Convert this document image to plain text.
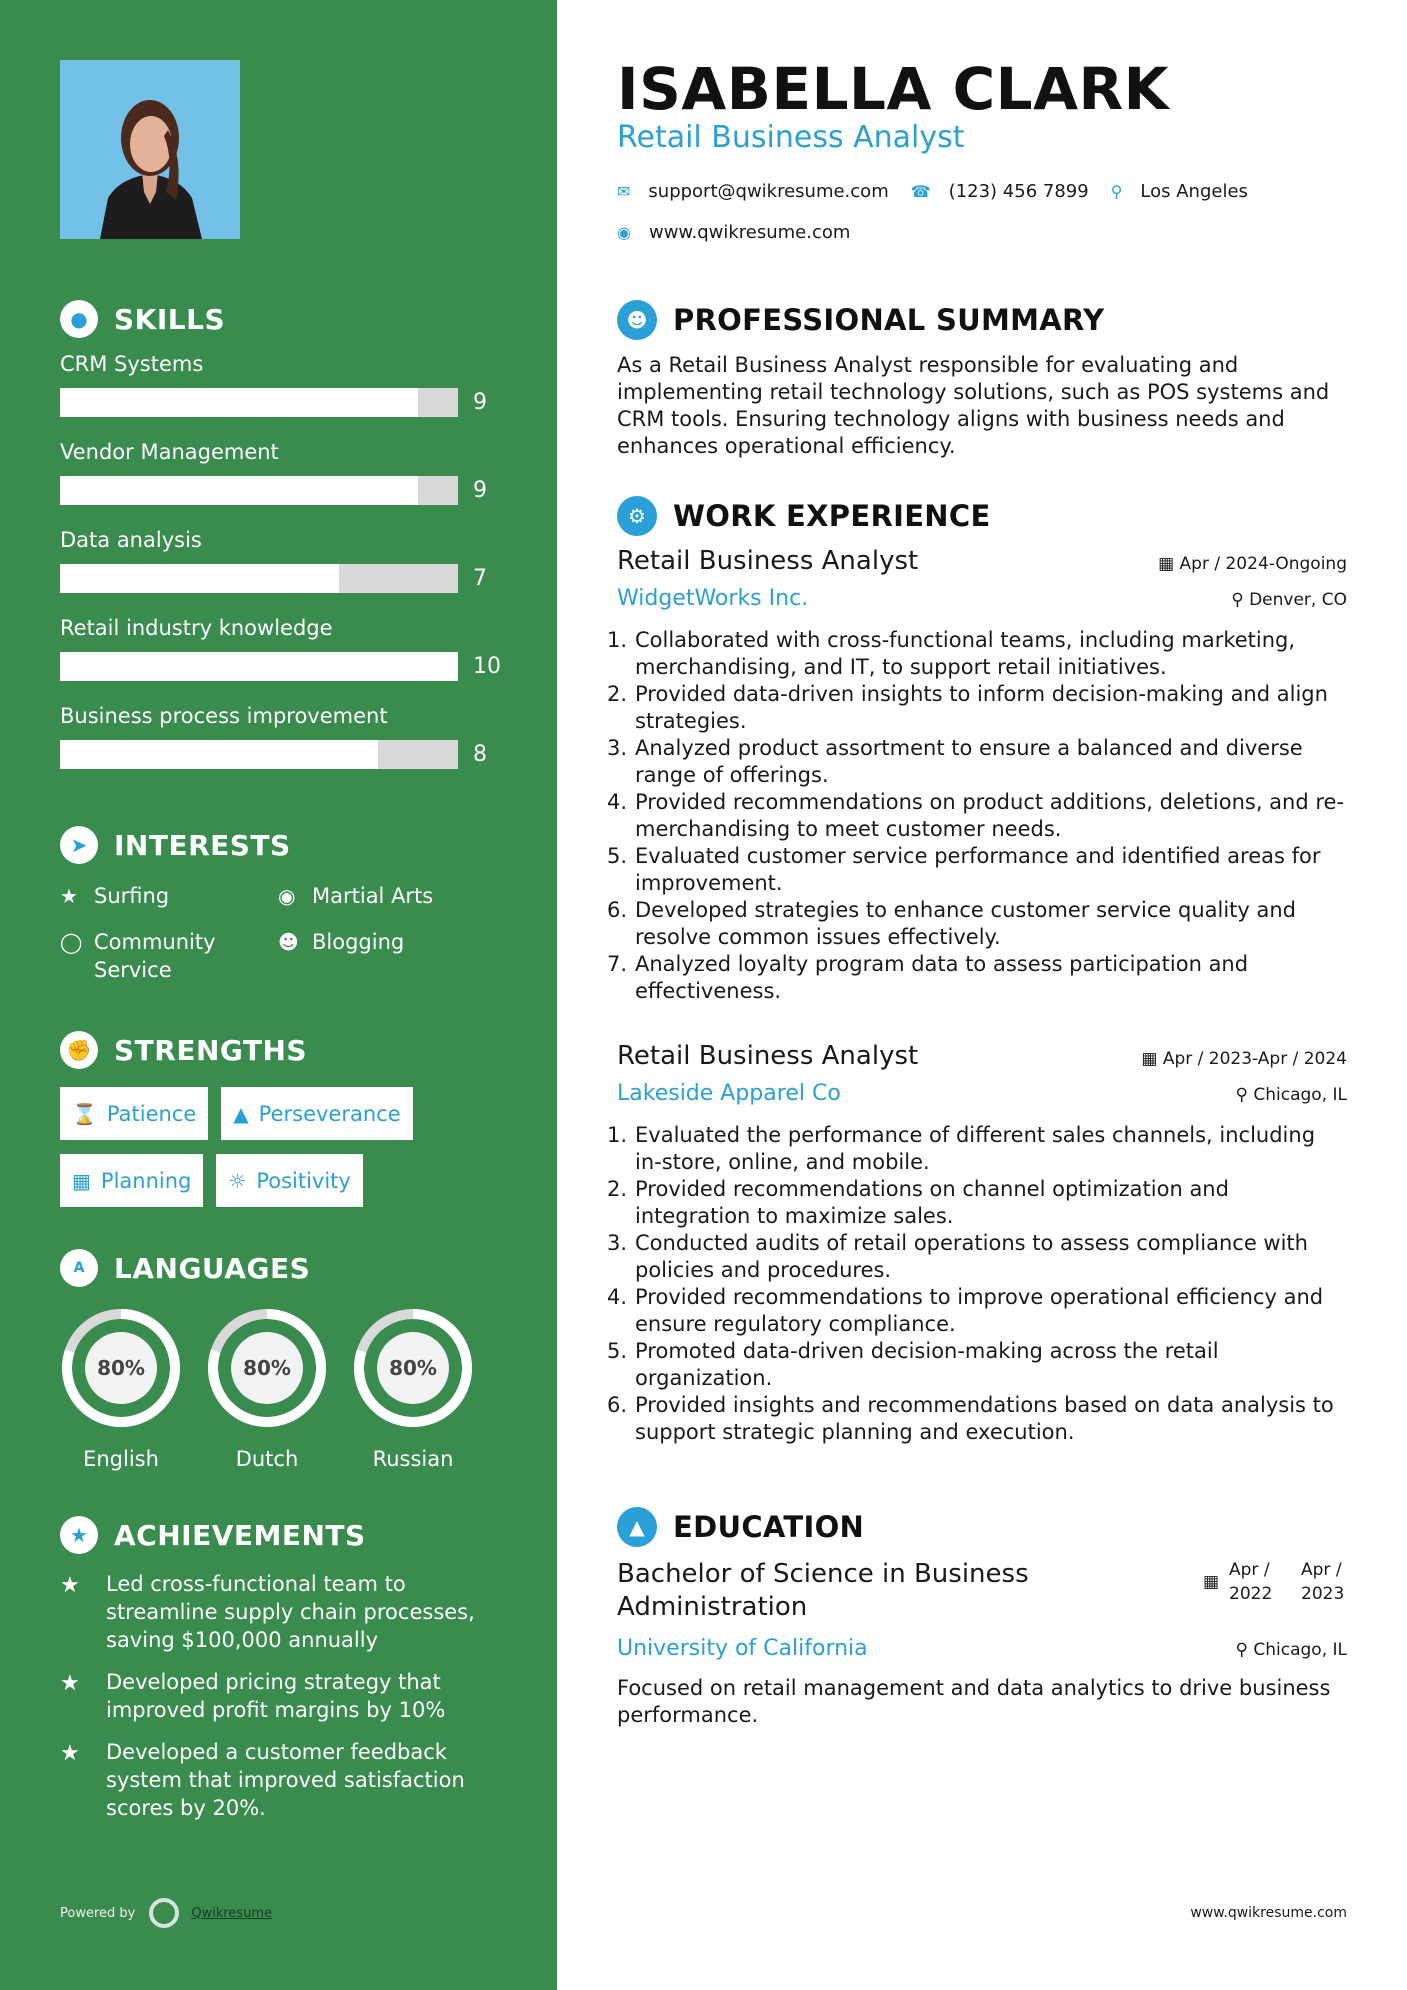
● SKILLS
CRM Systems
9
Vendor Management
9
Data analysis
7
Retail industry knowledge
10
Business process improvement
8
➤ INTERESTS
★ Surfing	◉ Martial Arts
◯ Community Service
☻ Blogging
✊ STRENGTHS
⌛ Patience ▲ Perseverance
▦ Planning ☼ Positivity
A	LANGUAGES
80%
English
80%
Dutch
80%
Russian
★ ACHIEVEMENTS
★	Led cross-functional team to streamline supply chain processes, saving $100,000 annually
★	Developed pricing strategy that improved profit margins by 10%
★	Developed a customer feedback system that improved satisfaction scores by 20%.
Powered by	Qwikresume
ISABELLA CLARK
Retail Business Analyst
✉ support@qwikresume.com ☎ (123) 456 7899 ⚲ Los Angeles
◉ www.qwikresume.com
☻ PROFESSIONAL SUMMARY
As a Retail Business Analyst responsible for evaluating and implementing retail technology solutions, such as POS systems and CRM tools. Ensuring technology aligns with business needs and enhances operational efficiency.
⚙ WORK EXPERIENCE
Retail Business Analyst	▦ Apr / 2024-Ongoing
WidgetWorks Inc.	⚲ Denver, CO
Collaborated with cross-functional teams, including marketing, merchandising, and IT, to support retail initiatives.
Provided data-driven insights to inform decision-making and align strategies.
Analyzed product assortment to ensure a balanced and diverse range of offerings.
Provided recommendations on product additions, deletions, and re-merchandising to meet customer needs.
Evaluated customer service performance and identified areas for improvement.
Developed strategies to enhance customer service quality and resolve common issues effectively.
Analyzed loyalty program data to assess participation and effectiveness.
Retail Business Analyst	▦ Apr / 2023-Apr / 2024
Lakeside Apparel Co	⚲ Chicago, IL
Evaluated the performance of different sales channels, including in-store, online, and mobile.
Provided recommendations on channel optimization and integration to maximize sales.
Conducted audits of retail operations to assess compliance with policies and procedures.
Provided recommendations to improve operational efficiency and ensure regulatory compliance.
Promoted data-driven decision-making across the retail organization.
Provided insights and recommendations based on data analysis to support strategic planning and execution.
▲ EDUCATION
Bachelor of Science in Business Administration
▦
Apr / 2022
Apr / 2023
University of California	⚲ Chicago, IL
Focused on retail management and data analytics to drive business performance.
www.qwikresume.com
